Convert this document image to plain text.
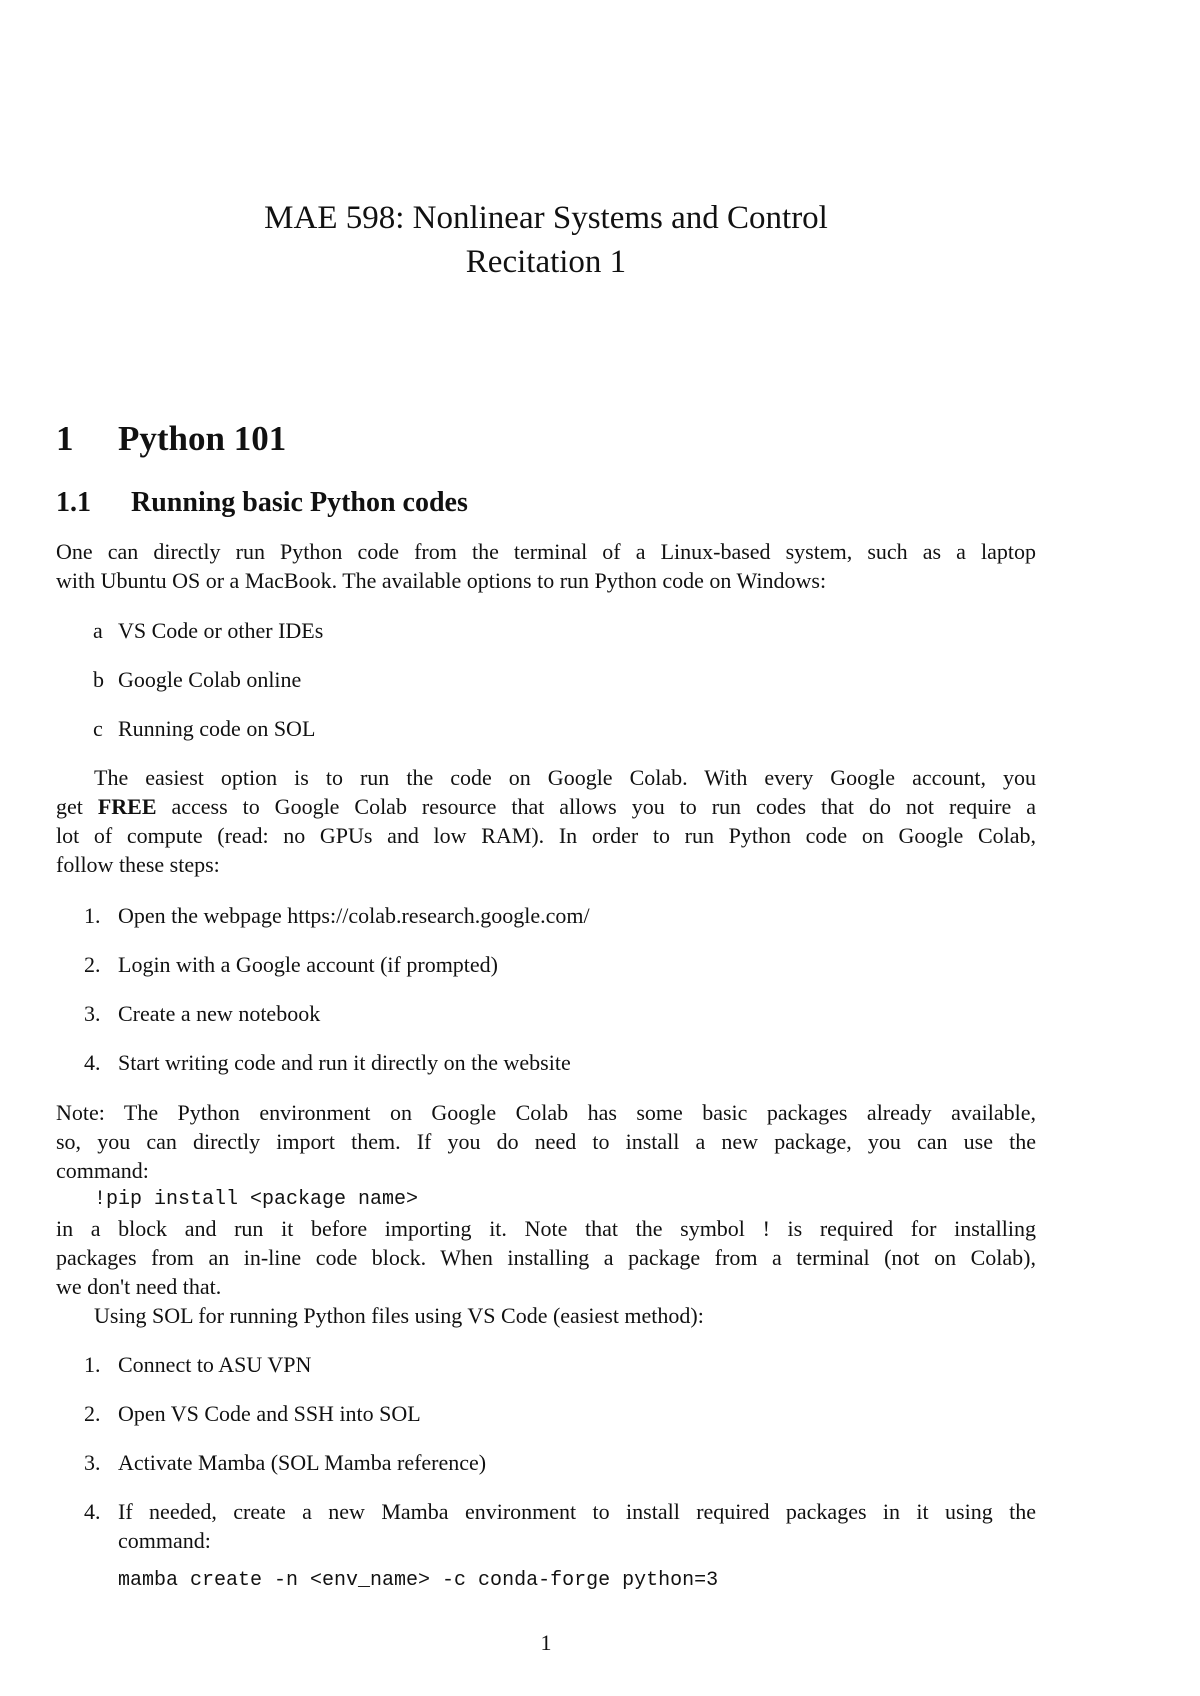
MAE 598: Nonlinear Systems and Control
Recitation 1
1 Python 101
1.1 Running basic Python codes
One can directly run Python code from the terminal of a Linux-based system, such as a laptop
with Ubuntu OS or a MacBook. The available options to run Python code on Windows:
a VS Code or other IDEs
b Google Colab online
c Running code on SOL
The easiest option is to run the code on Google Colab. With every Google account, you
get FREE access to Google Colab resource that allows you to run codes that do not require a
lot of compute (read: no GPUs and low RAM). In order to run Python code on Google Colab,
follow these steps:
1. Open the webpage https://colab.research.google.com/
2. Login with a Google account (if prompted)
3. Create a new notebook
4. Start writing code and run it directly on the website
Note: The Python environment on Google Colab has some basic packages already available,
so, you can directly import them. If you do need to install a new package, you can use the
command:
!pip install <package name>
in a block and run it before importing it. Note that the symbol ! is required for installing
packages from an in-line code block. When installing a package from a terminal (not on Colab),
we don't need that.
Using SOL for running Python files using VS Code (easiest method):
1. Connect to ASU VPN
2. Open VS Code and SSH into SOL
3. Activate Mamba (SOL Mamba reference)
4. If needed, create a new Mamba environment to install required packages in it using the
command:
mamba create -n <env_name> -c conda-forge python=3
1
